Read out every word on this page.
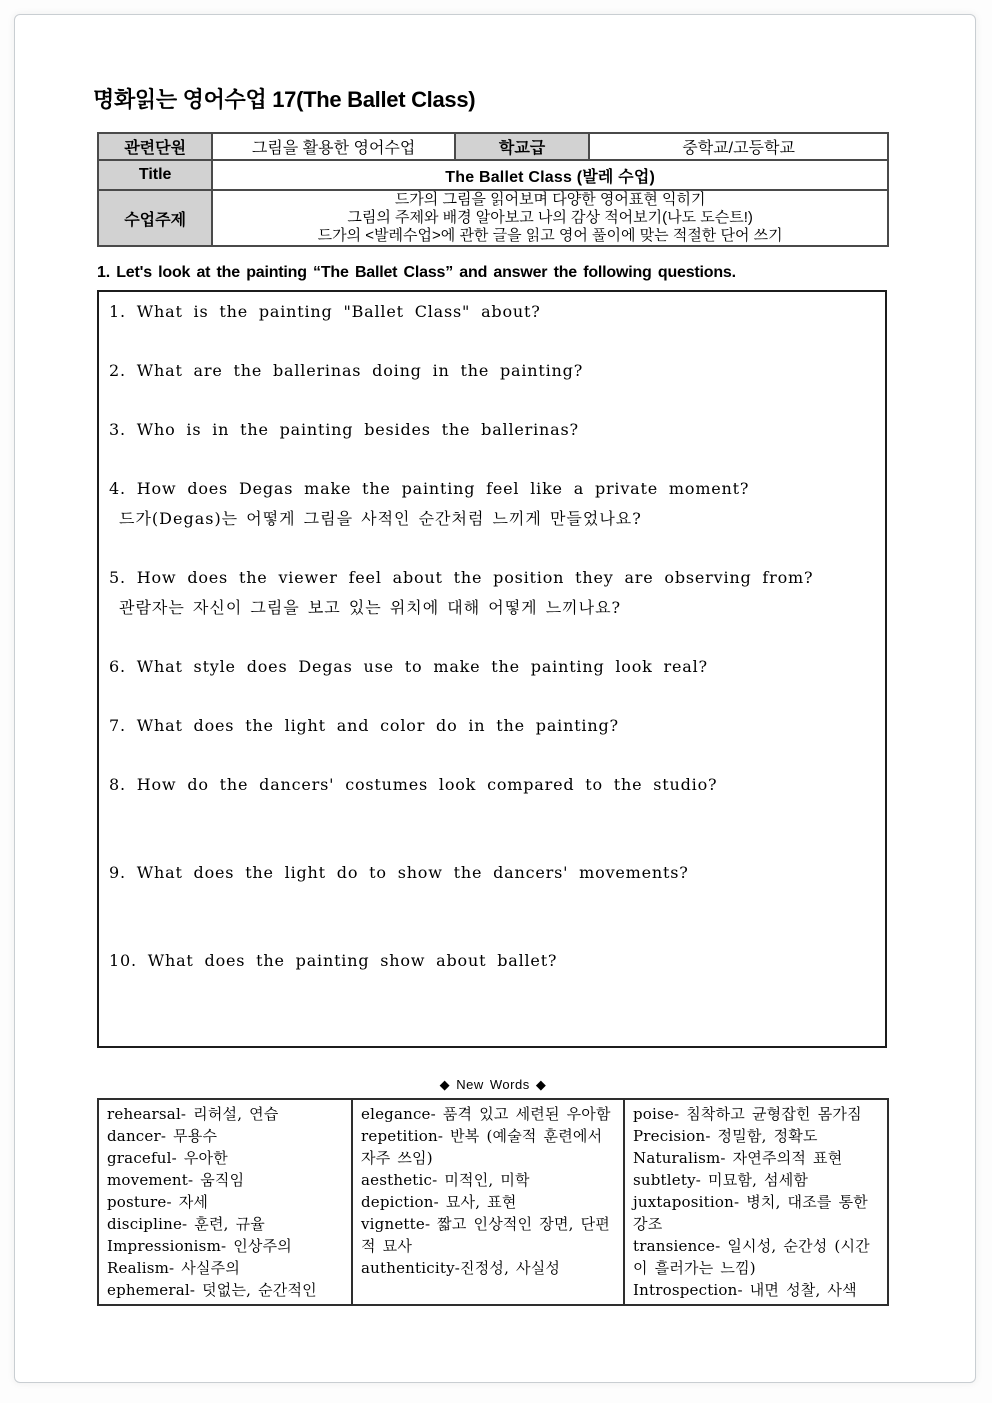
명화읽는 영어수업 17(The Ballet Class)
관련단원	그림을 활용한 영어수업	학교급	중학교/고등학교
Title	The Ballet Class (발레 수업)		
수업주제	드가의 그림을 읽어보며 다양한 영어표현 익히기
그림의 주제와 배경 알아보고 나의 감상 적어보기(나도 도슨트!)
드가의 <발레수업>에 관한 글을 읽고 영어 풀이에 맞는 적절한 단어 쓰기		
1. Let's look at the painting “The Ballet Class” and answer the following questions.
1. What is the painting "Ballet Class" about?
2. What are the ballerinas doing in the painting?
3. Who is in the painting besides the ballerinas?
4. How does Degas make the painting feel like a private moment?
드가(Degas)는 어떻게 그림을 사적인 순간처럼 느끼게 만들었나요?
5. How does the viewer feel about the position they are observing from?
관람자는 자신이 그림을 보고 있는 위치에 대해 어떻게 느끼나요?
6. What style does Degas use to make the painting look real?
7. What does the light and color do in the painting?
8. How do the dancers' costumes look compared to the studio?
9. What does the light do to show the dancers' movements?
10. What does the painting show about ballet?
◆ New Words ◆
rehearsal- 리허설, 연습
dancer- 무용수
graceful- 우아한
movement- 움직임
posture- 자세
discipline- 훈련, 규율
Impressionism- 인상주의
Realism- 사실주의
ephemeral- 덧없는, 순간적인

elegance- 품격 있고 세련된 우아함
repetition- 반복 (예술적 훈련에서 자주 쓰임)
aesthetic- 미적인, 미학
depiction- 묘사, 표현
vignette- 짧고 인상적인 장면, 단편적 묘사
authenticity-진정성, 사실성

poise- 침착하고 균형잡힌 몸가짐
Precision- 정밀함, 정확도
Naturalism- 자연주의적 표현
subtlety- 미묘함, 섬세함
juxtaposition- 병치, 대조를 통한 강조
transience- 일시성, 순간성 (시간이 흘러가는 느낌)
Introspection- 내면 성찰, 사색
